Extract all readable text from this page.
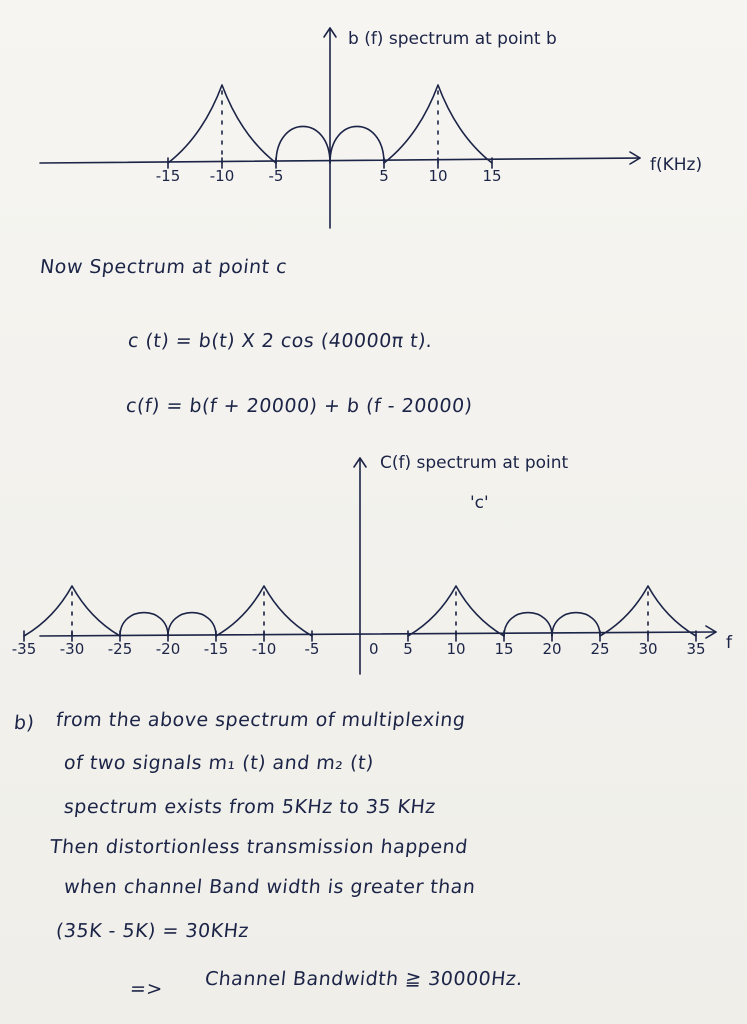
b (f) spectrum at point b
f(KHz)
-15 -10 -5	5	10 15
Now Spectrum at point c
c (t) = b(t) X 2 cos (40000π t).
c(f) = b(f + 20000) + b (f - 20000)
C(f) spectrum at point
'c'
f
0
-35 -30 -25 -20 -15 -10 -5	5 10 15 20 25 30 35
b) from the above spectrum of multiplexing
of two signals m₁ (t) and m₂ (t)
spectrum exists from 5KHz to 35 KHz
Then distortionless transmission happend
when channel Band width is greater than
(35K - 5K) = 30KHz
=> Channel Bandwidth ≧ 30000Hz.
